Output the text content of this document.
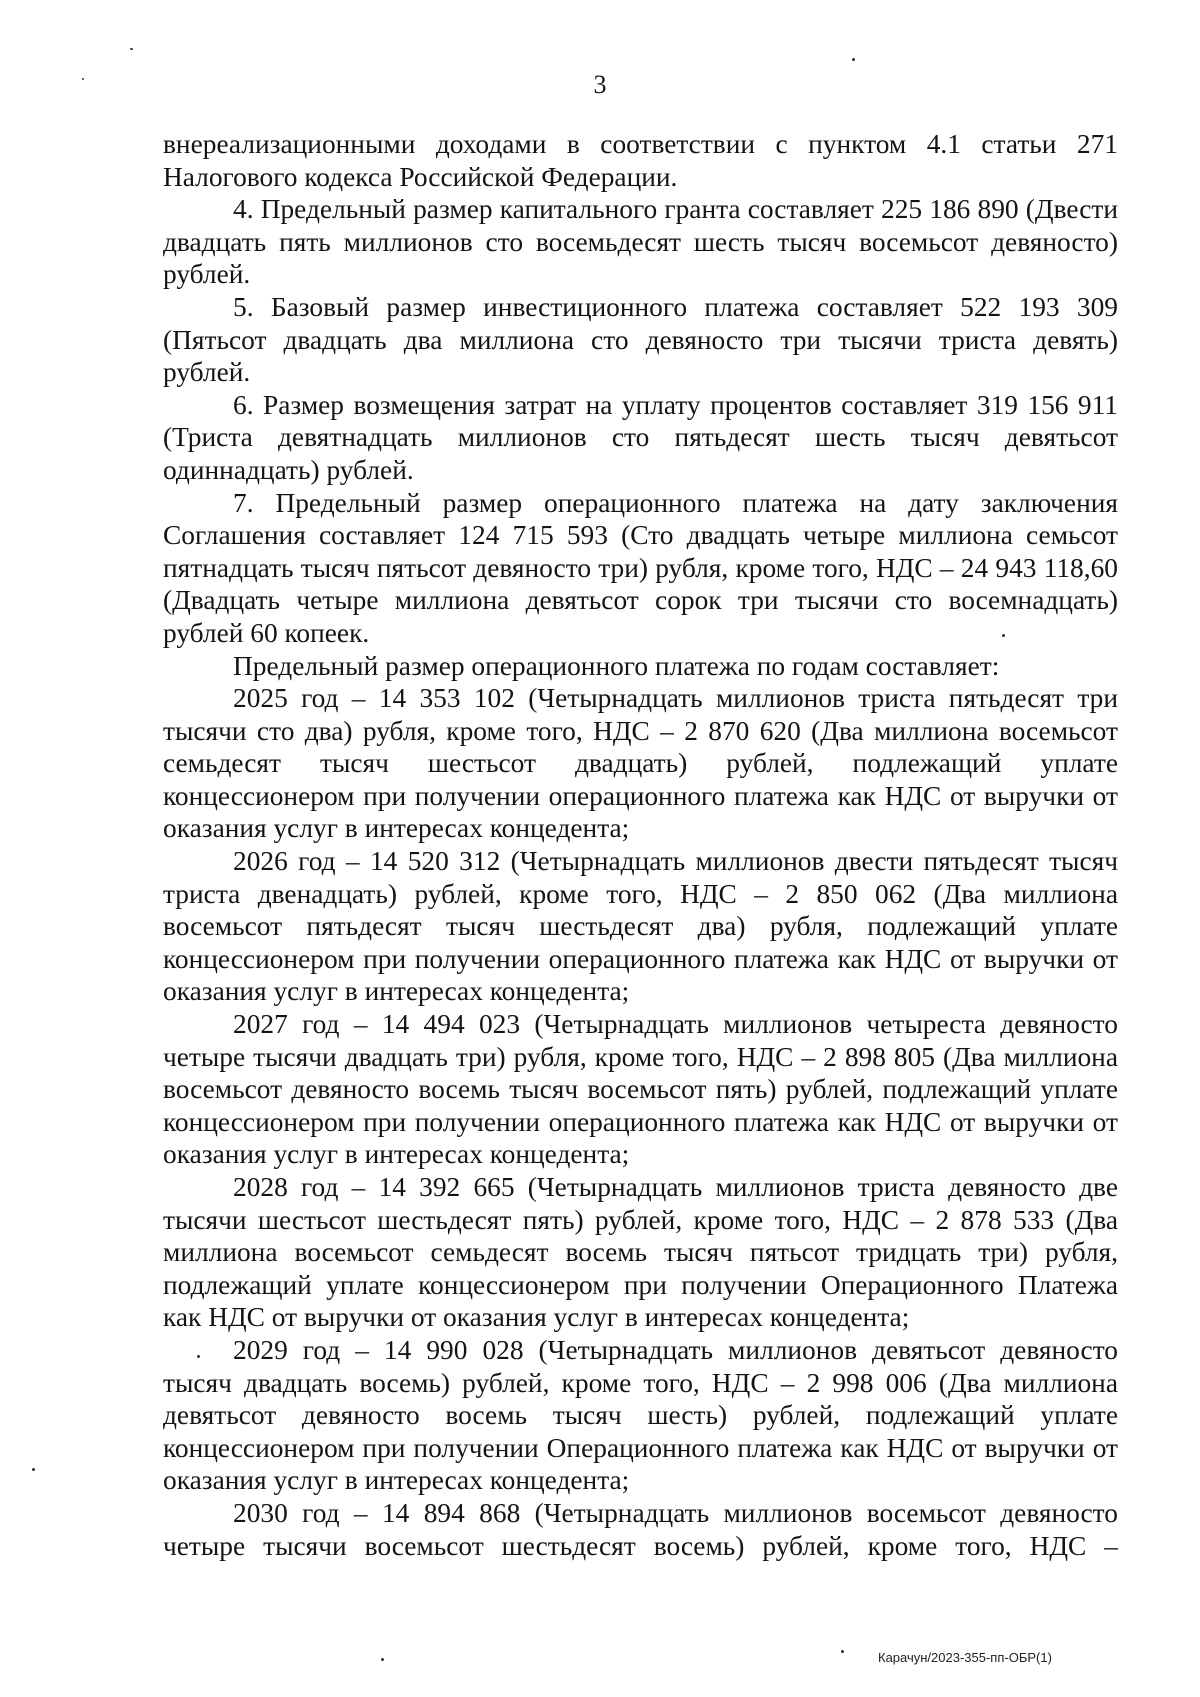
3

внереализационными доходами в соответствии с пунктом 4.1 статьи 271 Налогового кодекса Российской Федерации.

4. Предельный размер капитального гранта составляет 225 186 890 (Двести двадцать пять миллионов сто восемьдесят шесть тысяч восемьсот девяносто) рублей.

5. Базовый размер инвестиционного платежа составляет 522 193 309 (Пятьсот двадцать два миллиона сто девяносто три тысячи триста девять) рублей.

6. Размер возмещения затрат на уплату процентов составляет 319 156 911 (Триста девятнадцать миллионов сто пятьдесят шесть тысяч девятьсот одиннадцать) рублей.

7. Предельный размер операционного платежа на дату заключения Соглашения составляет 124 715 593 (Сто двадцать четыре миллиона семьсот пятнадцать тысяч пятьсот девяносто три) рубля, кроме того, НДС – 24 943 118,60 (Двадцать четыре миллиона девятьсот сорок три тысячи сто восемнадцать) рублей 60 копеек.

Предельный размер операционного платежа по годам составляет:

2025 год – 14 353 102 (Четырнадцать миллионов триста пятьдесят три тысячи сто два) рубля, кроме того, НДС – 2 870 620 (Два миллиона восемьсот семьдесят тысяч шестьсот двадцать) рублей, подлежащий уплате концессионером при получении операционного платежа как НДС от выручки от оказания услуг в интересах концедента;

2026 год – 14 520 312 (Четырнадцать миллионов двести пятьдесят тысяч триста двенадцать) рублей, кроме того, НДС – 2 850 062 (Два миллиона восемьсот пятьдесят тысяч шестьдесят два) рубля, подлежащий уплате концессионером при получении операционного платежа как НДС от выручки от оказания услуг в интересах концедента;

2027 год – 14 494 023 (Четырнадцать миллионов четыреста девяносто четыре тысячи двадцать три) рубля, кроме того, НДС – 2 898 805 (Два миллиона восемьсот девяносто восемь тысяч восемьсот пять) рублей, подлежащий уплате концессионером при получении операционного платежа как НДС от выручки от оказания услуг в интересах концедента;

2028 год – 14 392 665 (Четырнадцать миллионов триста девяносто две тысячи шестьсот шестьдесят пять) рублей, кроме того, НДС – 2 878 533 (Два миллиона восемьсот семьдесят восемь тысяч пятьсот тридцать три) рубля, подлежащий уплате концессионером при получении Операционного Платежа как НДС от выручки от оказания услуг в интересах концедента;

2029 год – 14 990 028 (Четырнадцать миллионов девятьсот девяносто тысяч двадцать восемь) рублей, кроме того, НДС – 2 998 006 (Два миллиона девятьсот девяносто восемь тысяч шесть) рублей, подлежащий уплате концессионером при получении Операционного платежа как НДС от выручки от оказания услуг в интересах концедента;

2030 год – 14 894 868 (Четырнадцать миллионов восемьсот девяносто четыре тысячи восемьсот шестьдесят восемь) рублей, кроме того, НДС –

Карачун/2023-355-пп-ОБР(1)
